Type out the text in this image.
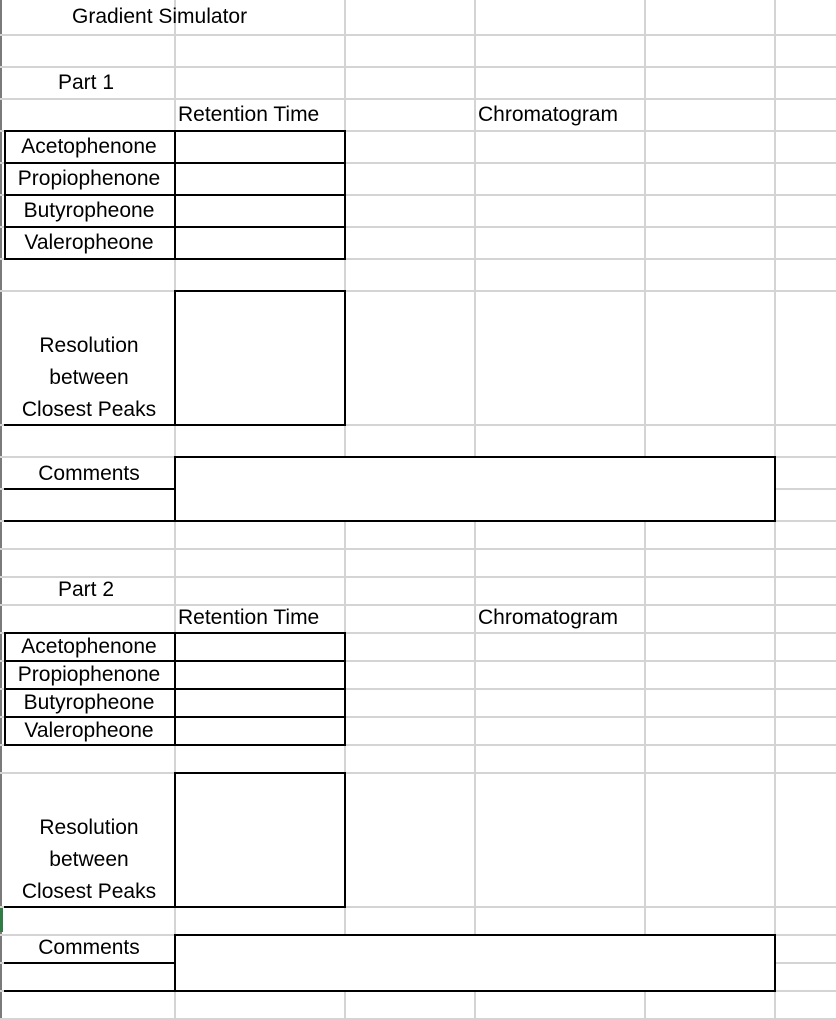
Gradient Simulator
Part 1
Retention Time	Chromatogram
Acetophenone
Propiophenone
Butyropheone
Valeropheone
Resolution
between
Closest Peaks
Comments
Part 2
Retention Time	Chromatogram
Acetophenone
Propiophenone
Butyropheone
Valeropheone
Resolution
between
Closest Peaks
Comments
